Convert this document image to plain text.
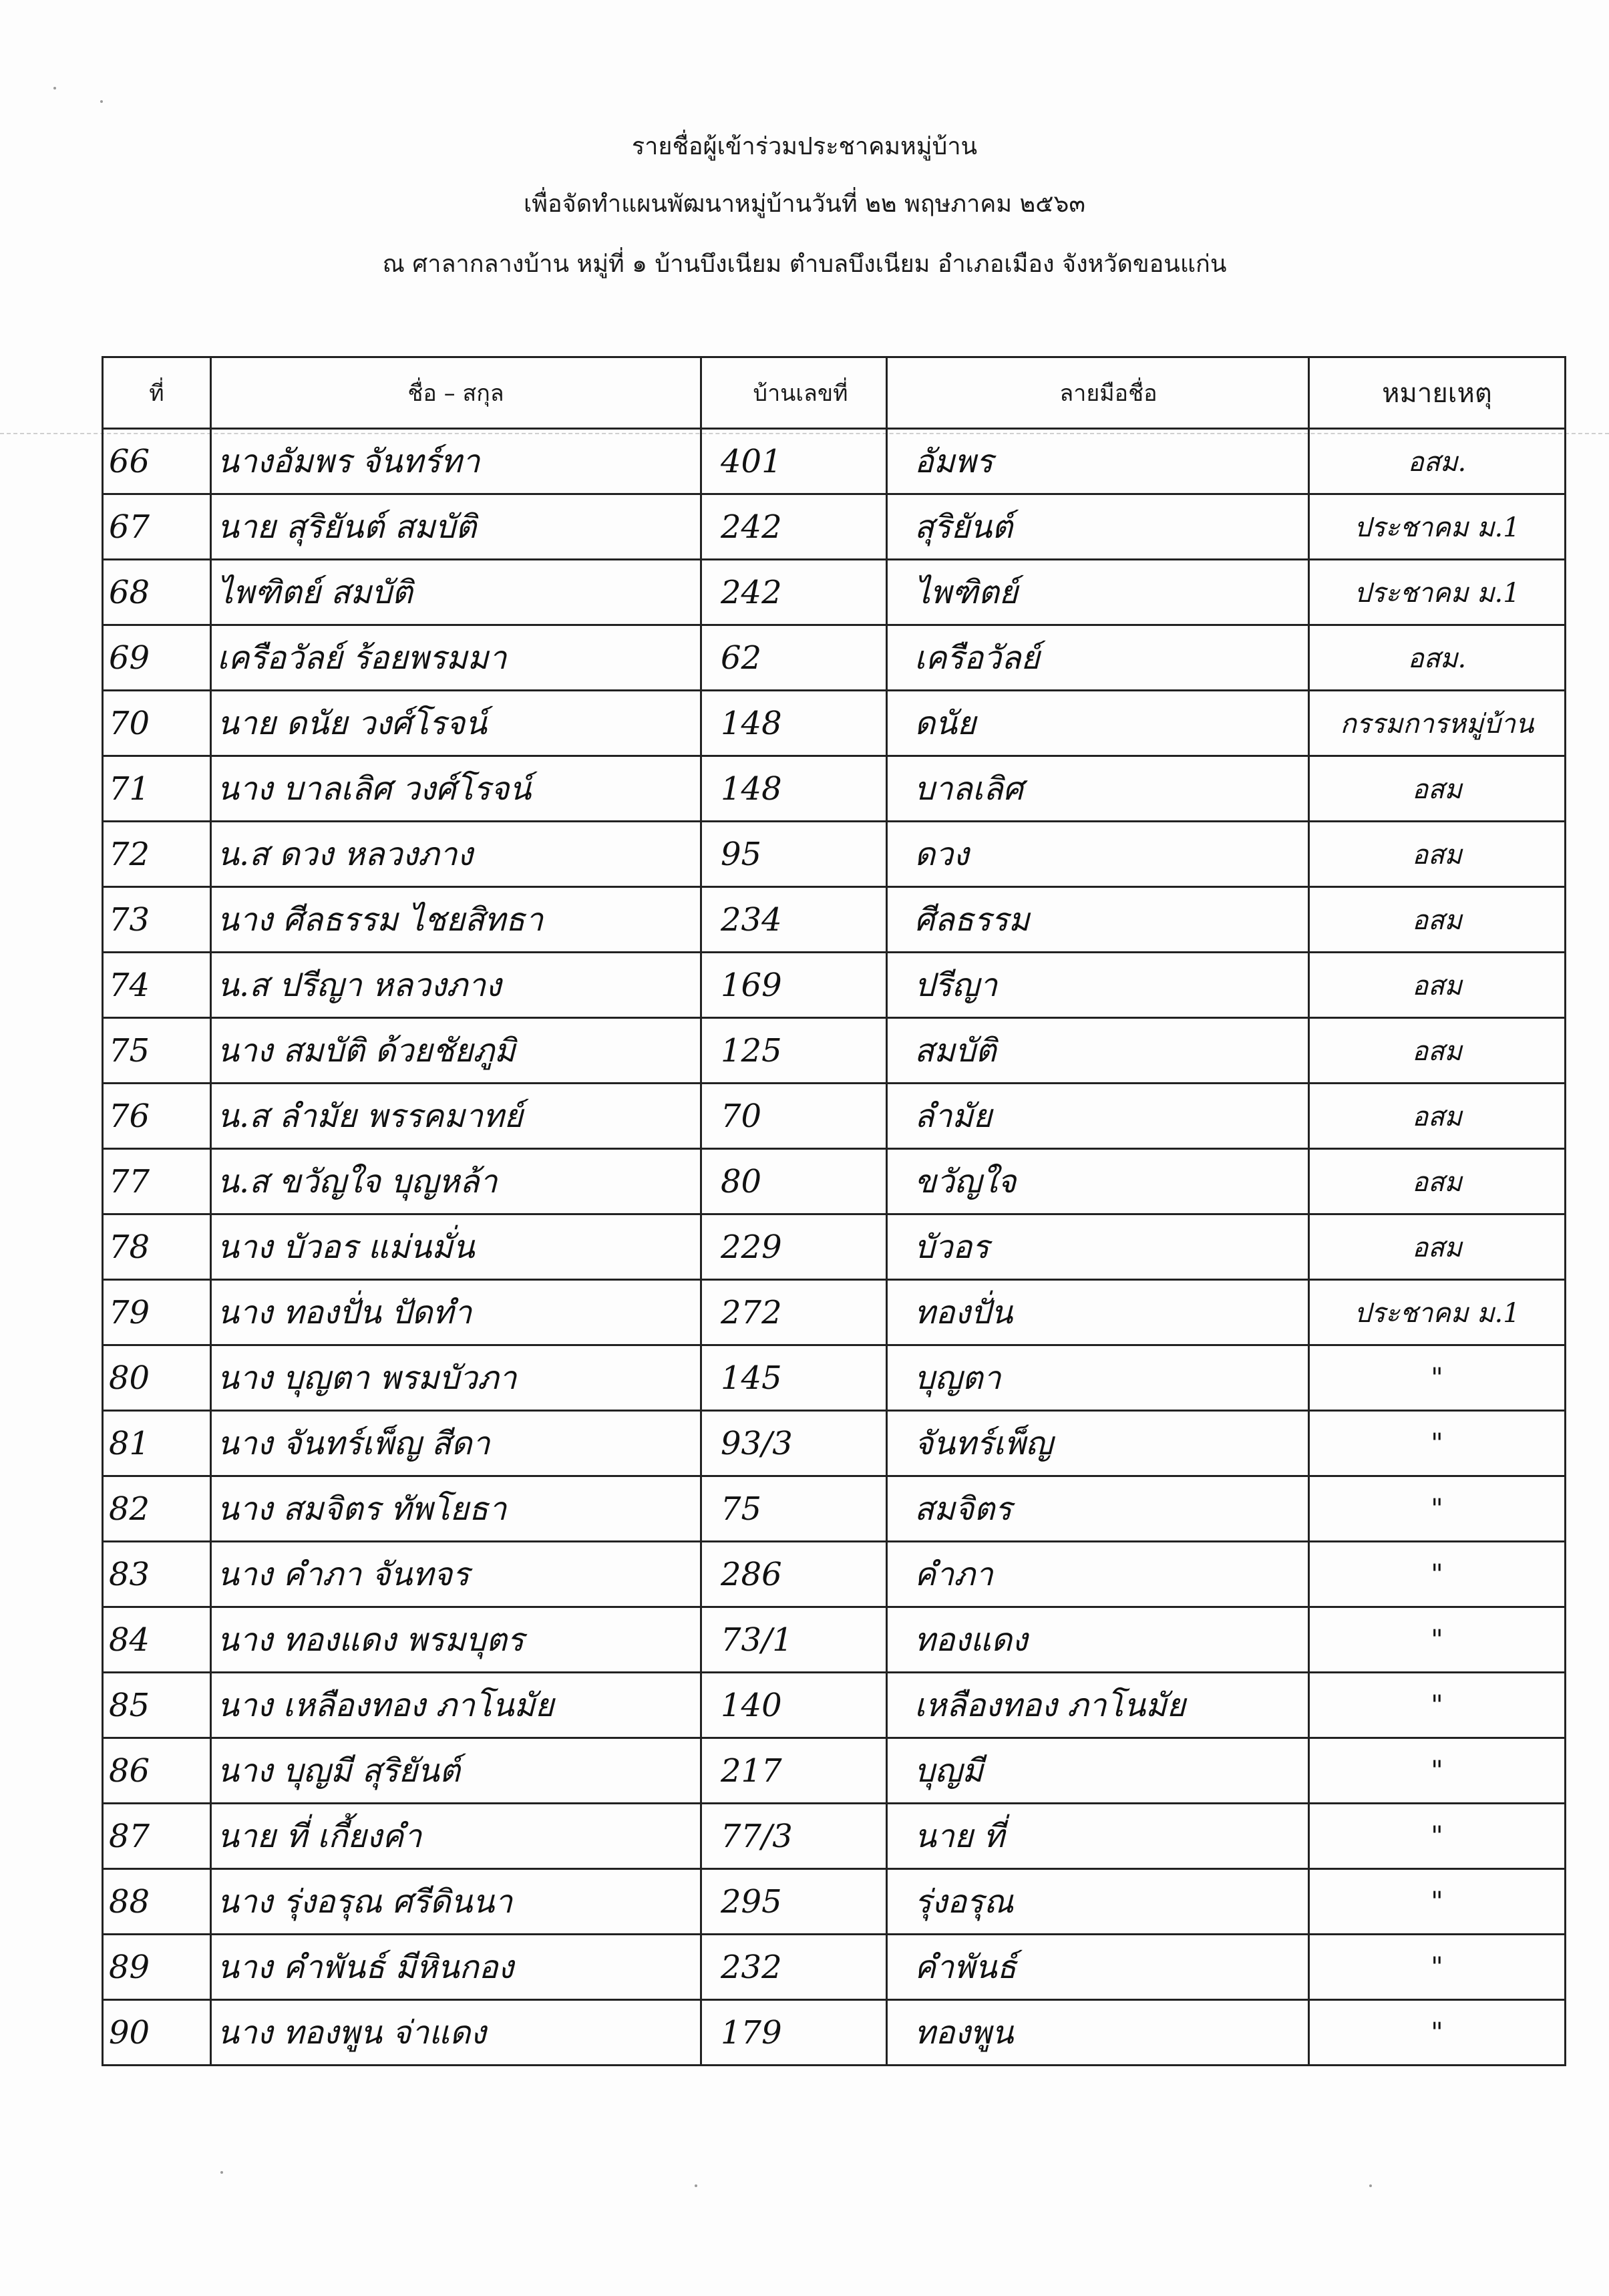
รายชื่อผู้เข้าร่วมประชาคมหมู่บ้าน
เพื่อจัดทำแผนพัฒนาหมู่บ้านวันที่ ๒๒ พฤษภาคม ๒๕๖๓
ณ ศาลากลางบ้าน หมู่ที่ ๑ บ้านบึงเนียม ตำบลบึงเนียม อำเภอเมือง จังหวัดขอนแก่น
ที่	ชื่อ – สกุล	บ้านเลขที่	ลายมือชื่อ	หมายเหตุ
66	นางอัมพร จันทร์ทา	401	อัมพร	อสม.
67	นาย สุริยันต์ สมบัติ	242	สุริยันต์	ประชาคม ม.1
68	ไพฑิตย์ สมบัติ	242	ไพฑิตย์	ประชาคม ม.1
69	เครือวัลย์ ร้อยพรมมา	62	เครือวัลย์	อสม.
70	นาย ดนัย วงศ์โรจน์	148	ดนัย	กรรมการหมู่บ้าน
71	นาง บาลเลิศ วงศ์โรจน์	148	บาลเลิศ	อสม
72	น.ส ดวง หลวงภาง	95	ดวง	อสม
73	นาง ศีลธรรม ไชยสิทธา	234	ศีลธรรม	อสม
74	น.ส ปรีญา หลวงภาง	169	ปรีญา	อสม
75	นาง สมบัติ ด้วยชัยภูมิ	125	สมบัติ	อสม
76	น.ส ลำมัย พรรคมาทย์	70	ลำมัย	อสม
77	น.ส ขวัญใจ บุญหล้า	80	ขวัญใจ	อสม
78	นาง บัวอร แม่นมั่น	229	บัวอร	อสม
79	นาง ทองปั่น ปัดทำ	272	ทองปั่น	ประชาคม ม.1
80	นาง บุญตา พรมบัวภา	145	บุญตา	"
81	นาง จันทร์เพ็ญ สีดา	93/3	จันทร์เพ็ญ	"
82	นาง สมจิตร ทัพโยธา	75	สมจิตร	"
83	นาง คำภา จันทจร	286	คำภา	"
84	นาง ทองแดง พรมบุตร	73/1	ทองแดง	"
85	นาง เหลืองทอง ภาโนมัย	140	เหลืองทอง ภาโนมัย	"
86	นาง บุญมี สุริยันต์	217	บุญมี	"
87	นาย ที่ เกี้ยงคำ	77/3	นาย ที่	"
88	นาง รุ่งอรุณ ศรีดินนา	295	รุ่งอรุณ	"
89	นาง คำพันธ์ มีหินกอง	232	คำพันธ์	"
90	นาง ทองพูน จ่าแดง	179	ทองพูน	"
